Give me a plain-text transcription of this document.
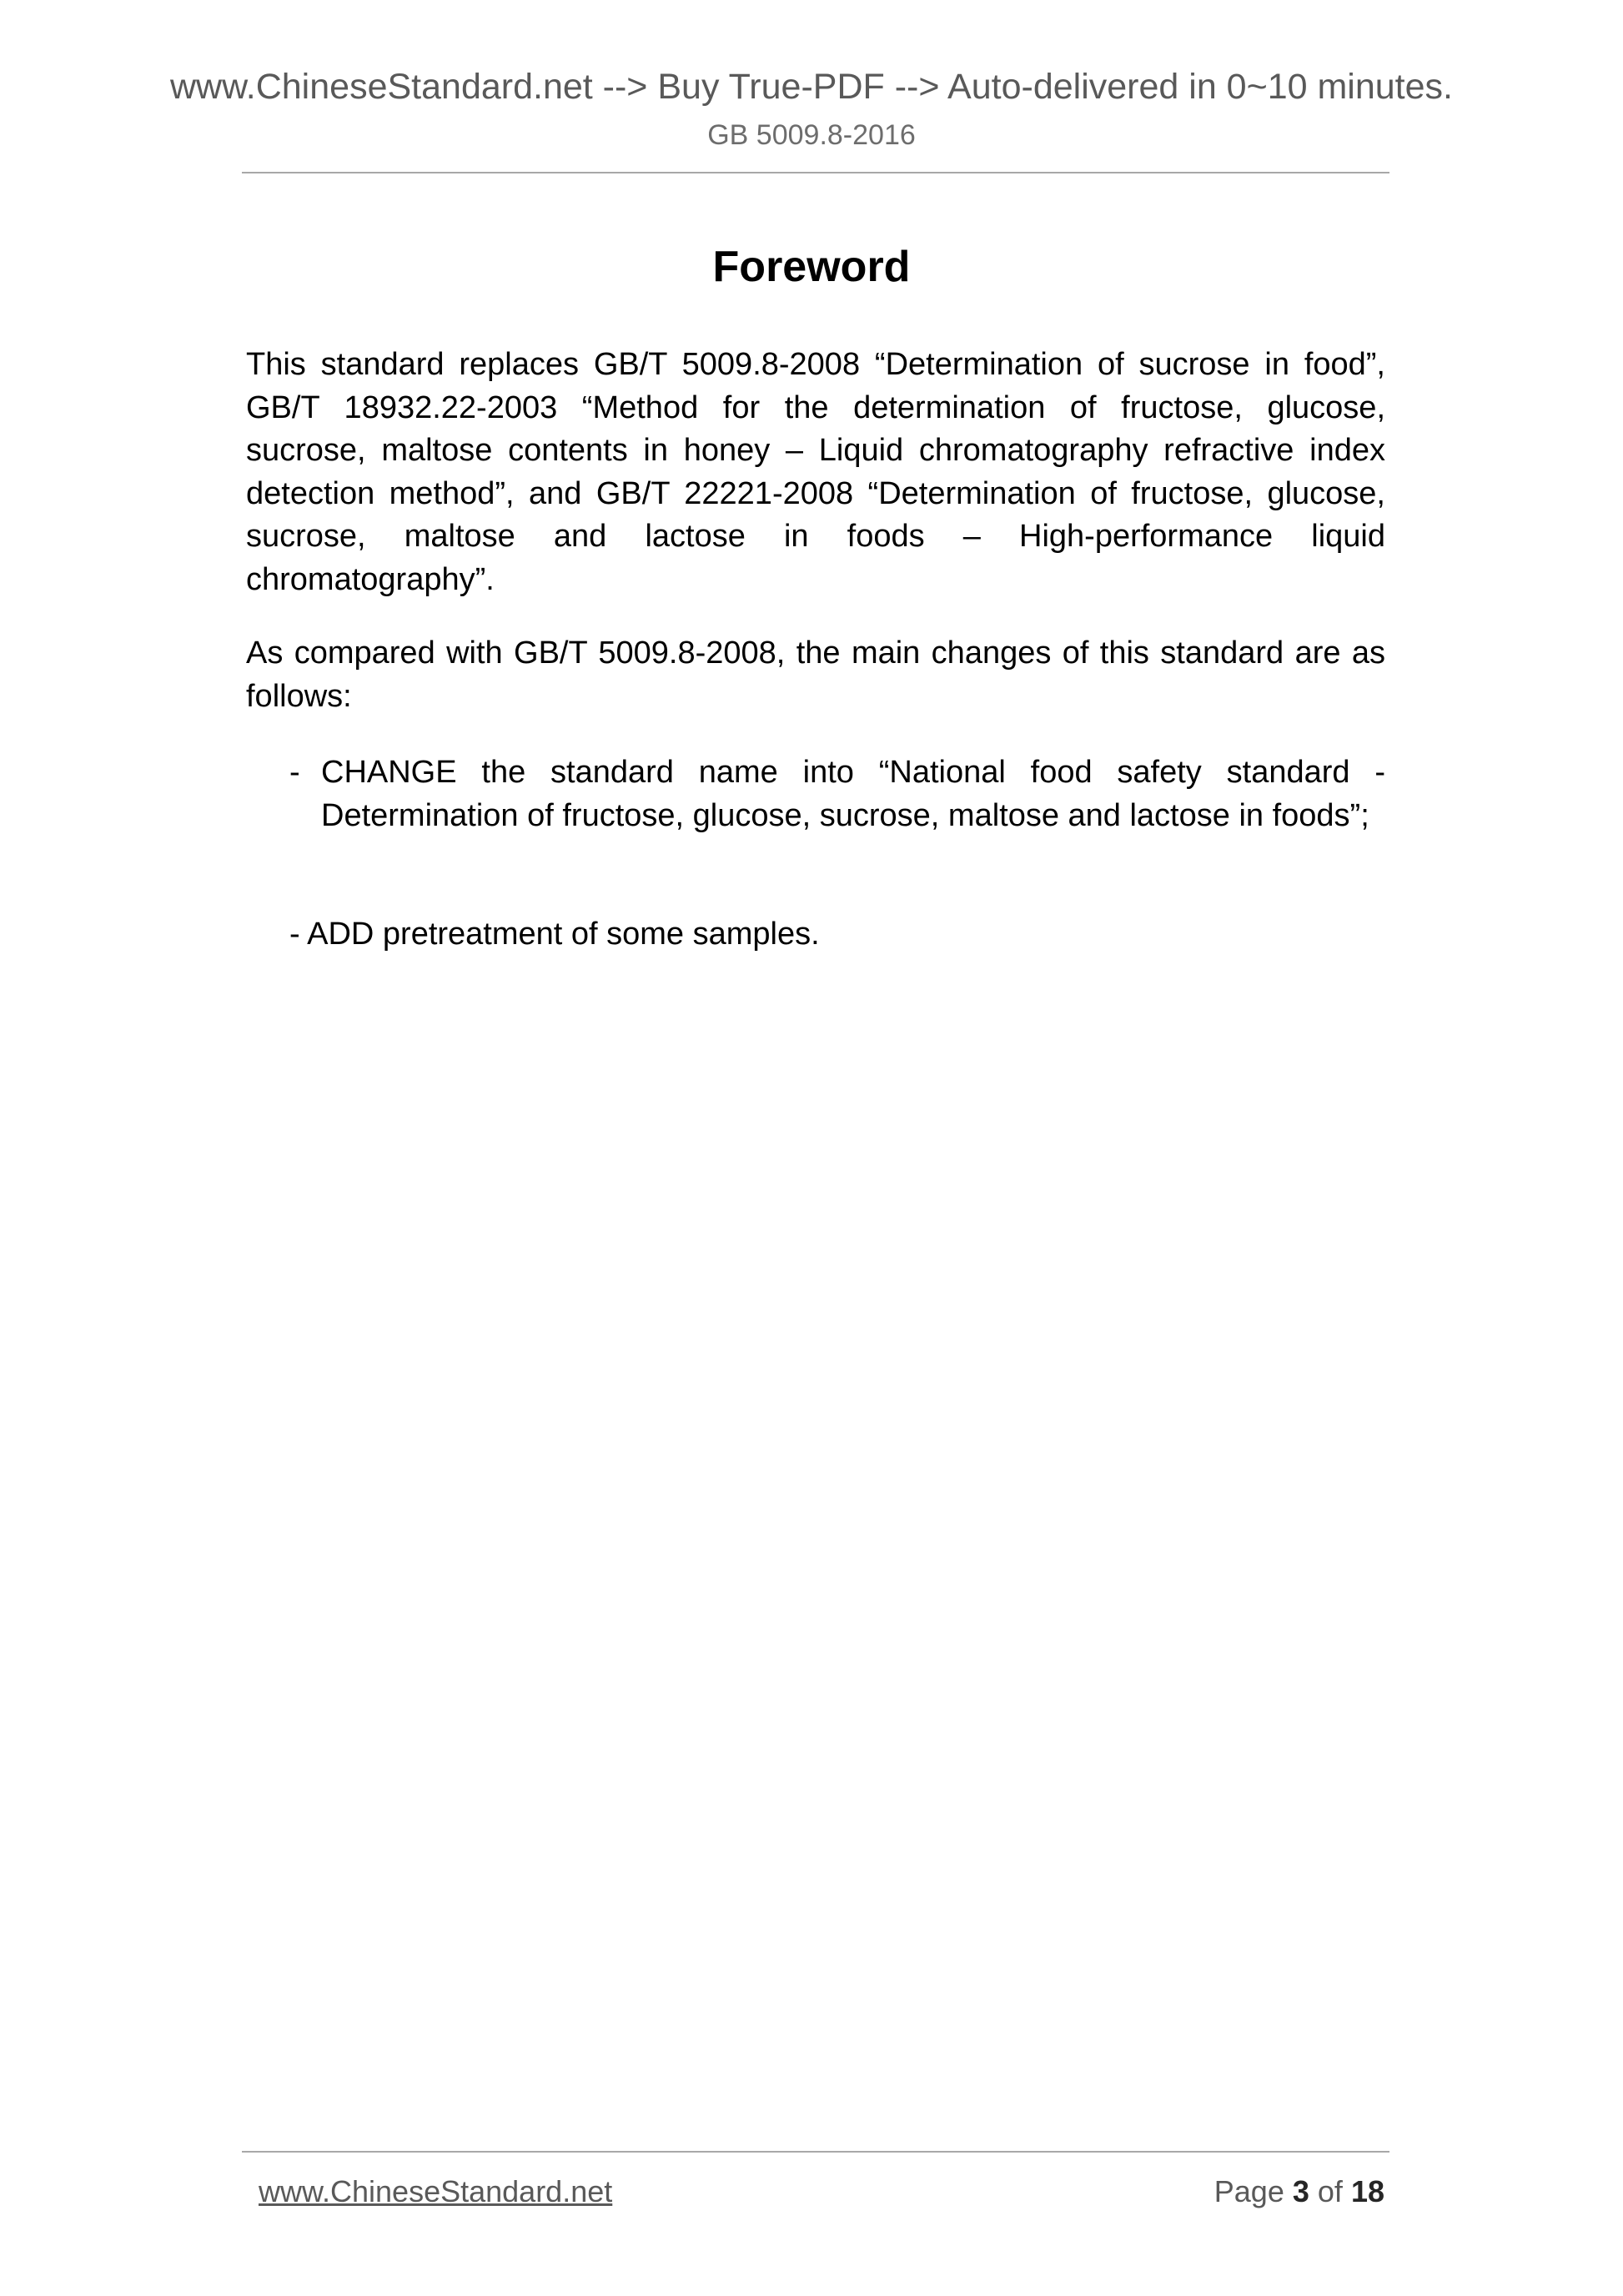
www.ChineseStandard.net --> Buy True-PDF --> Auto-delivered in 0~10 minutes.
GB 5009.8-2016
Foreword

This standard replaces GB/T 5009.8-2008 “Determination of sucrose in food”, GB/T 18932.22-2003 “Method for the determination of fructose, glucose, sucrose, maltose contents in honey – Liquid chromatography refractive index detection method”, and GB/T 22221-2008 “Determination of fructose, glucose, sucrose, maltose and lactose in foods – High-performance liquid chromatography”.

As compared with GB/T 5009.8-2008, the main changes of this standard are as follows:

- CHANGE the standard name into “National food safety standard - Determination of fructose, glucose, sucrose, maltose and lactose in foods”;
- ADD pretreatment of some samples.
www.ChineseStandard.net	Page 3 of 18
